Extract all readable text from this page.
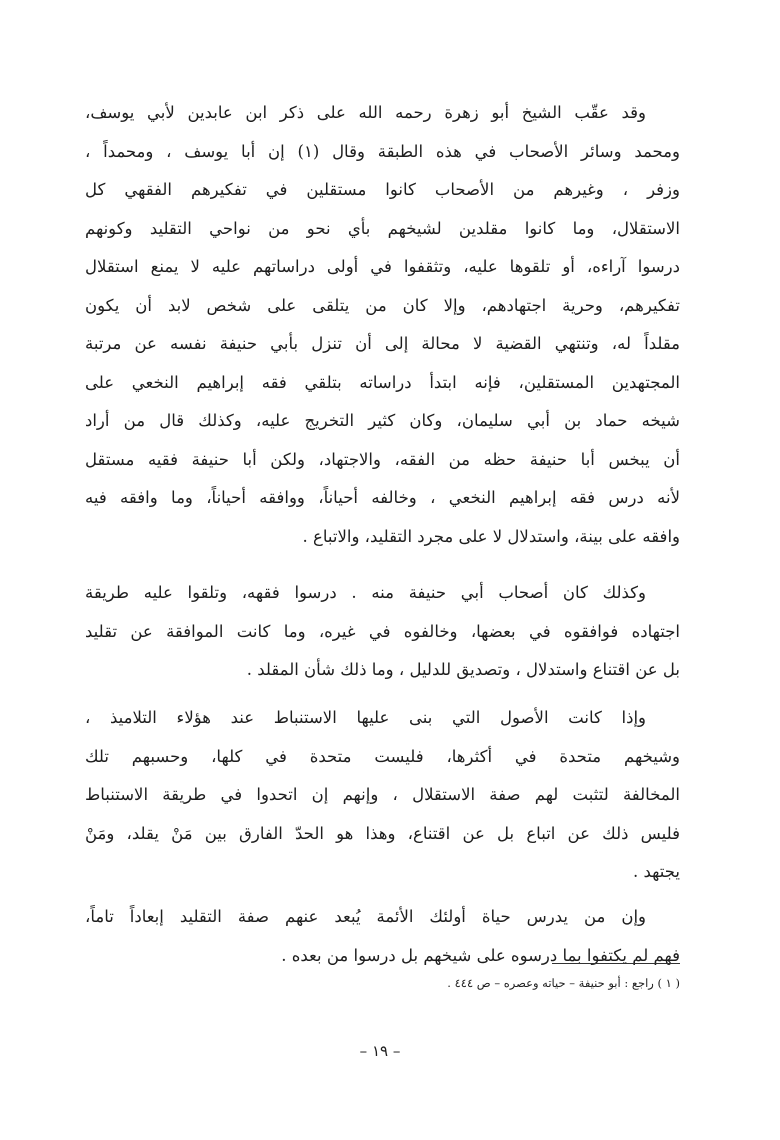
وقد عقّب الشيخ أبو زهرة رحمه الله على ذكر ابن عابدين لأبي يوسف،
ومحمد وسائر الأصحاب في هذه الطبقة وقال (١) إن أبا يوسف ، ومحمداً ،
وزفر ، وغيرهم من الأصحاب كانوا مستقلين في تفكيرهم الفقهي كل
الاستقلال، وما كانوا مقلدين لشيخهم بأي نحو من نواحي التقليد وكونهم
درسوا آراءه، أو تلقوها عليه، وتثقفوا في أولى دراساتهم عليه لا يمنع استقلال
تفكيرهم، وحرية اجتهادهم، وإلا كان من يتلقى على شخص لابد أن يكون
مقلداً له، وتنتهي القضية لا محالة إلى أن تنزل بأبي حنيفة نفسه عن مرتبة
المجتهدين المستقلين، فإنه ابتدأ دراساته بتلقي فقه إبراهيم النخعي على
شيخه حماد بن أبي سليمان، وكان كثير التخريج عليه، وكذلك قال من أراد
أن يبخس أبا حنيفة حظه من الفقه، والاجتهاد، ولكن أبا حنيفة فقيه مستقل
لأنه درس فقه إبراهيم النخعي ، وخالفه أحياناً، ووافقه أحياناً، وما وافقه فيه
وافقه على بينة، واستدلال لا على مجرد التقليد، والاتباع .
وكذلك كان أصحاب أبي حنيفة منه . درسوا فقهه، وتلقوا عليه طريقة
اجتهاده فوافقوه في بعضها، وخالفوه في غيره، وما كانت الموافقة عن تقليد
بل عن اقتناع واستدلال ، وتصديق للدليل ، وما ذلك شأن المقلد .
وإذا كانت الأصول التي بنى عليها الاستنباط عند هؤلاء التلاميذ ،
وشيخهم متحدة في أكثرها، فليست متحدة في كلها، وحسبهم تلك
المخالفة لتثبت لهم صفة الاستقلال ، وإنهم إن اتحدوا في طريقة الاستنباط
فليس ذلك عن اتباع بل عن اقتناع، وهذا هو الحدّ الفارق بين مَنْ يقلد، ومَنْ
يجتهد .
وإن من يدرس حياة أولئك الأئمة يُبعد عنهم صفة التقليد إبعاداً تاماً،
فهم لم يكتفوا بما درسوه على شيخهم بل درسوا من بعده .
( ١ ) راجع : أبو حنيفة – حياته وعصره – ص ٤٤٤ .
– ١٩ –
